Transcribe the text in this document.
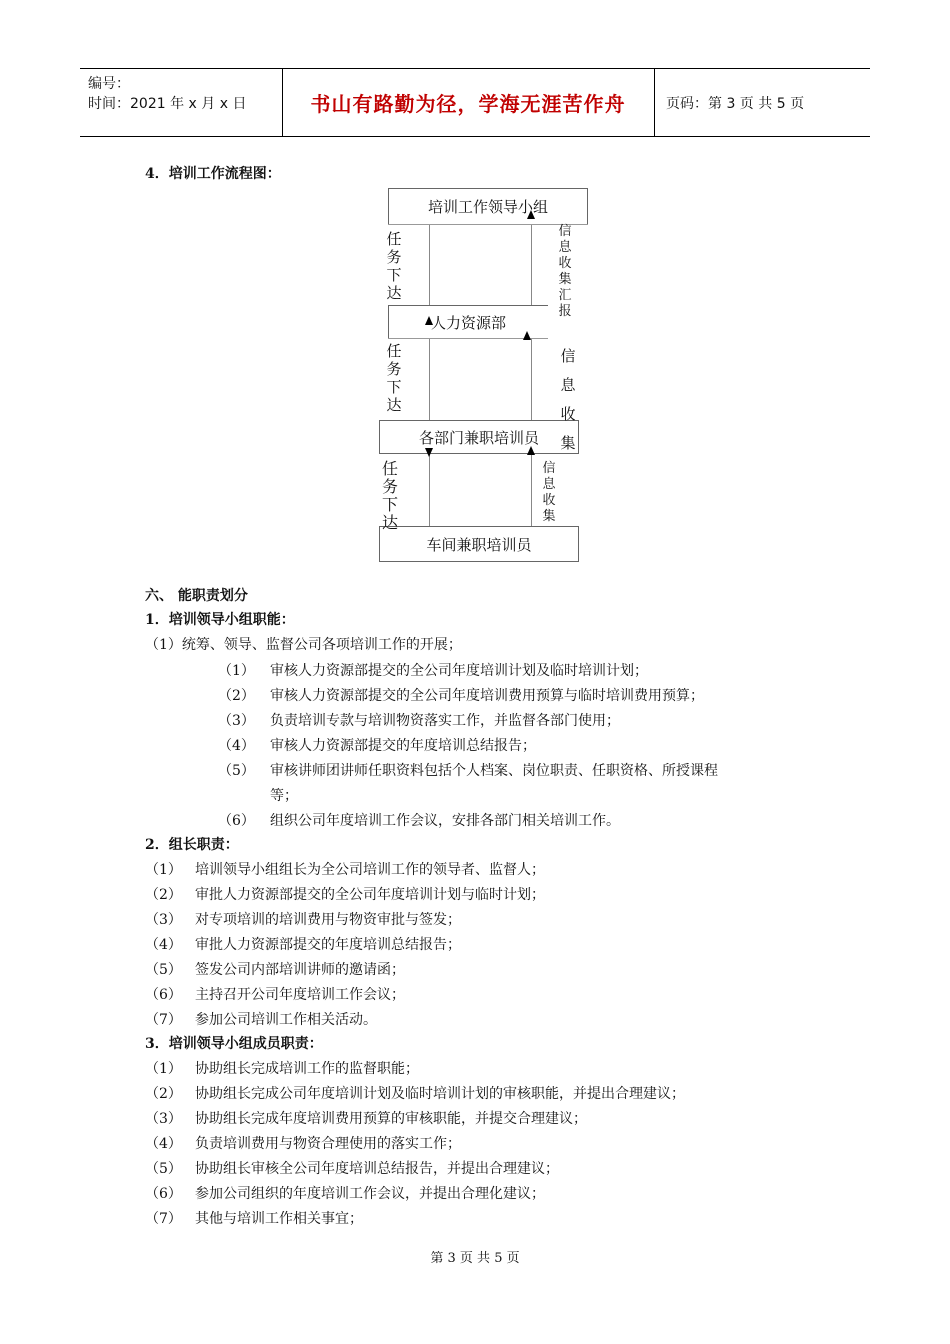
编号：
时间：2021 年 x 月 x 日	书山有路勤为径，学海无涯苦作舟	页码：第 3 页 共 5 页
4．培训工作流程图：
培训工作领导小组
人力资源部
各部门兼职培训员
车间兼职培训员
任务下达
任务下达
任务下达
信息收集汇报
信息收集
信息收集
六、 能职责划分
1．培训领导小组职能：
（1）统筹、领导、监督公司各项培训工作的开展；
（1） 审核人力资源部提交的全公司年度培训计划及临时培训计划；
（2） 审核人力资源部提交的全公司年度培训费用预算与临时培训费用预算；
（3） 负责培训专款与培训物资落实工作，并监督各部门使用；
（4） 审核人力资源部提交的年度培训总结报告；
（5） 审核讲师团讲师任职资料包括个人档案、岗位职责、任职资格、所授课程
等；
（6） 组织公司年度培训工作会议，安排各部门相关培训工作。
2．组长职责：
（1） 培训领导小组组长为全公司培训工作的领导者、监督人；
（2） 审批人力资源部提交的全公司年度培训计划与临时计划；
（3） 对专项培训的培训费用与物资审批与签发；
（4） 审批人力资源部提交的年度培训总结报告；
（5） 签发公司内部培训讲师的邀请函；
（6） 主持召开公司年度培训工作会议；
（7） 参加公司培训工作相关活动。
3．培训领导小组成员职责：
（1） 协助组长完成培训工作的监督职能；
（2） 协助组长完成公司年度培训计划及临时培训计划的审核职能，并提出合理建议；
（3） 协助组长完成年度培训费用预算的审核职能，并提交合理建议；
（4） 负责培训费用与物资合理使用的落实工作；
（5） 协助组长审核全公司年度培训总结报告，并提出合理建议；
（6） 参加公司组织的年度培训工作会议，并提出合理化建议；
（7） 其他与培训工作相关事宜；
第 3 页 共 5 页
